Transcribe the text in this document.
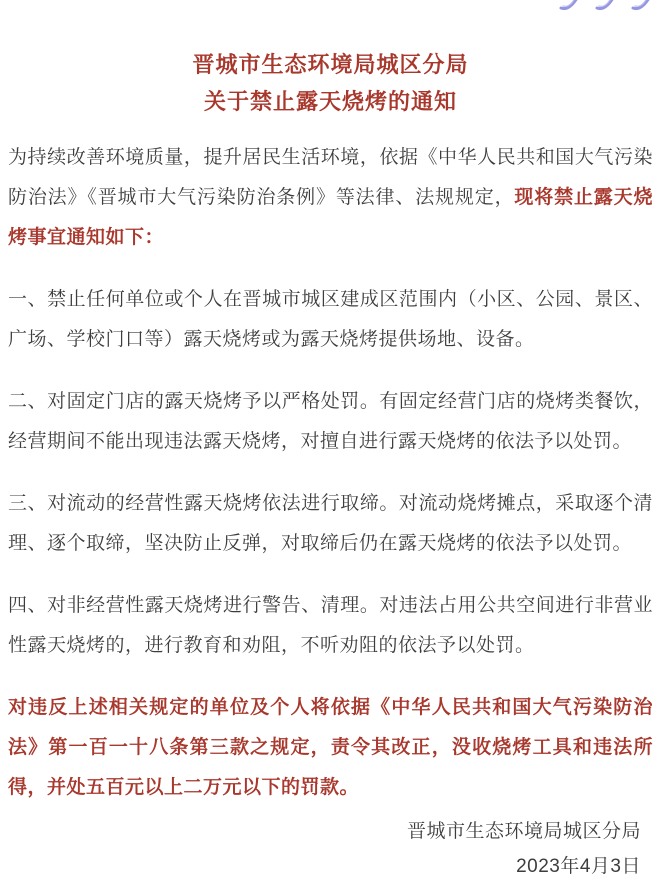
晋城市生态环境局城区分局
关于禁止露天烧烤的通知

为持续改善环境质量，提升居民生活环境，依据《中华人民共和国大气污染防治法》《晋城市大气污染防治条例》等法律、法规规定，现将禁止露天烧烤事宜通知如下：

一、禁止任何单位或个人在晋城市城区建成区范围内（小区、公园、景区、广场、学校门口等）露天烧烤或为露天烧烤提供场地、设备。

二、对固定门店的露天烧烤予以严格处罚。有固定经营门店的烧烤类餐饮，经营期间不能出现违法露天烧烤，对擅自进行露天烧烤的依法予以处罚。

三、对流动的经营性露天烧烤依法进行取缔。对流动烧烤摊点，采取逐个清理、逐个取缔，坚决防止反弹，对取缔后仍在露天烧烤的依法予以处罚。

四、对非经营性露天烧烤进行警告、清理。对违法占用公共空间进行非营业性露天烧烤的，进行教育和劝阻，不听劝阻的依法予以处罚。

对违反上述相关规定的单位及个人将依据《中华人民共和国大气污染防治法》第一百一十八条第三款之规定，责令其改正，没收烧烤工具和违法所得，并处五百元以上二万元以下的罚款。

晋城市生态环境局城区分局
2023年4月3日
